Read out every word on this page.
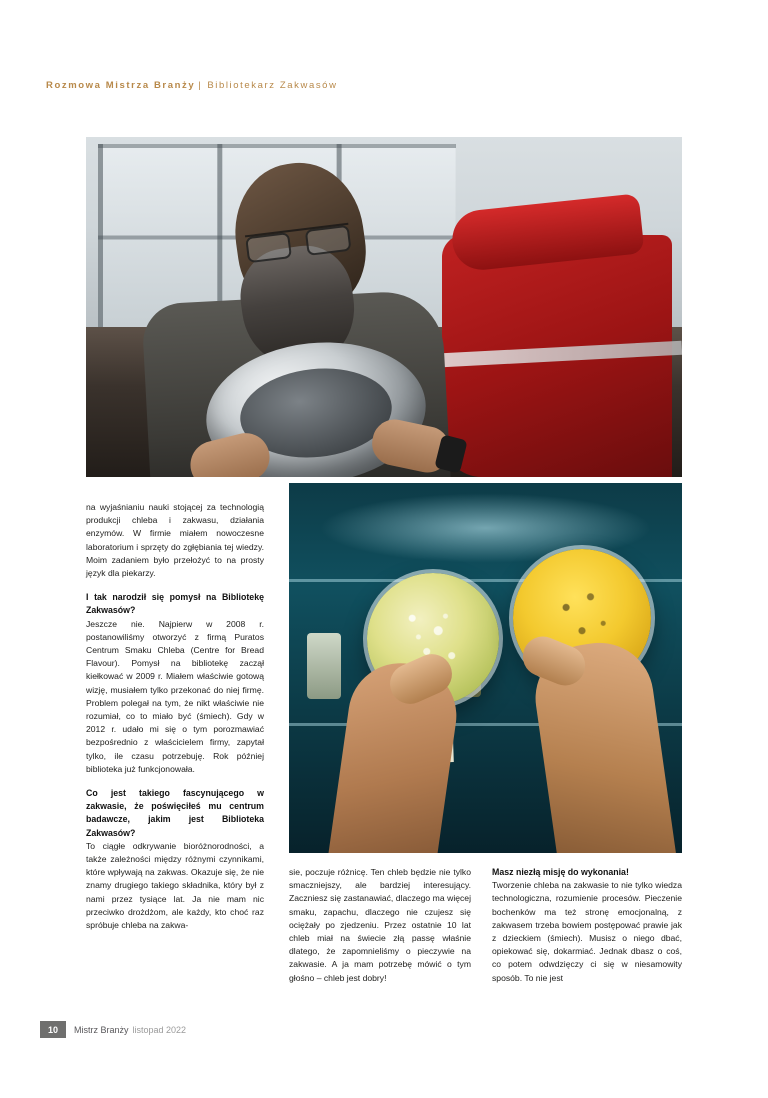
Rozmowa Mistrza Branży | Bibliotekarz Zakwasów

na wyjaśnianiu nauki stojącej za technologią produkcji chleba i zakwasu, działania enzymów. W firmie miałem nowoczesne laboratorium i sprzęty do zgłębiania tej wiedzy. Moim zadaniem było przełożyć to na prosty język dla piekarzy.

I tak narodził się pomysł na Bibliotekę Zakwasów?

Jeszcze nie. Najpierw w 2008 r. postanowiliśmy otworzyć z firmą Puratos Centrum Smaku Chleba (Centre for Bread Flavour). Pomysł na bibliotekę zaczął kiełkować w 2009 r. Miałem właściwie gotową wizję, musiałem tylko przekonać do niej firmę. Problem polegał na tym, że nikt właściwie nie rozumiał, co to miało być (śmiech). Gdy w 2012 r. udało mi się o tym porozmawiać bezpośrednio z właścicielem firmy, zapytał tylko, ile czasu potrzebuję. Rok później biblioteka już funkcjonowała.

Co jest takiego fascynującego w zakwasie, że poświęciłeś mu centrum badawcze, jakim jest Biblioteka Zakwasów?

To ciągłe odkrywanie bioróżnorodności, a także zależności między różnymi czynnikami, które wpływają na zakwas. Okazuje się, że nie znamy drugiego takiego składnika, który był z nami przez tysiące lat. Ja nie mam nic przeciwko drożdżom, ale każdy, kto choć raz spróbuje chleba na zakwa-

sie, poczuje różnicę. Ten chleb będzie nie tylko smaczniejszy, ale bardziej interesujący. Zaczniesz się zastanawiać, dlaczego ma więcej smaku, zapachu, dlaczego nie czujesz się ociężały po zjedzeniu. Przez ostatnie 10 lat chleb miał na świecie złą passę właśnie dlatego, że zapomnieliśmy o pieczywie na zakwasie. A ja mam potrzebę mówić o tym głośno – chleb jest dobry!

Masz niezłą misję do wykonania!

Tworzenie chleba na zakwasie to nie tylko wiedza technologiczna, rozumienie procesów. Pieczenie bochenków ma też stronę emocjonalną, z zakwasem trzeba bowiem postępować prawie jak z dzieckiem (śmiech). Musisz o niego dbać, opiekować się, dokarmiać. Jednak dbasz o coś, co potem odwdzięczy ci się w niesamowity sposób. To nie jest

10	Mistrz Branży listopad 2022
